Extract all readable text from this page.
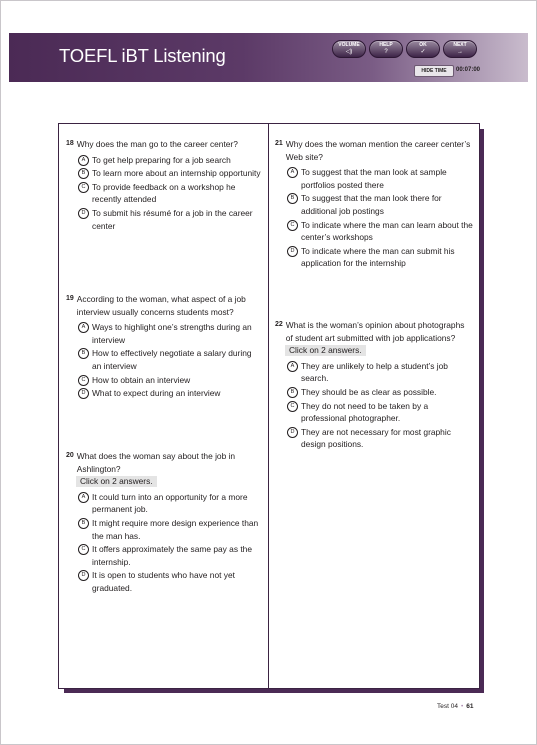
TOEFL iBT Listening	VOLUME
◁)
HELP
?
OK
✓
NEXT
→
HIDE TIME	00:07:00
18 Why does the man go to the career center?
A To get help preparing for a job search
B To learn more about an internship opportunity
C To provide feedback on a workshop he recently attended
D To submit his résumé for a job in the career center
19 According to the woman, what aspect of a job interview usually concerns students most?
A Ways to highlight one’s strengths during an interview
B How to effectively negotiate a salary during an interview
C How to obtain an interview
D What to expect during an interview
20 What does the woman say about the job in Ashlington?
Click on 2 answers.
A It could turn into an opportunity for a more permanent job.
B It might require more design experience than the man has.
C It offers approximately the same pay as the internship.
D It is open to students who have not yet graduated.
21 Why does the woman mention the career center’s Web site?
A To suggest that the man look at sample portfolios posted there
B To suggest that the man look there for additional job postings
C To indicate where the man can learn about the center’s workshops
D To indicate where the man can submit his application for the internship
22 What is the woman’s opinion about photographs of student art submitted with job applications?
Click on 2 answers.
A They are unlikely to help a student’s job search.
B They should be as clear as possible.
C They do not need to be taken by a professional photographer.
D They are not necessary for most graphic design positions.
Test 04 • 61
